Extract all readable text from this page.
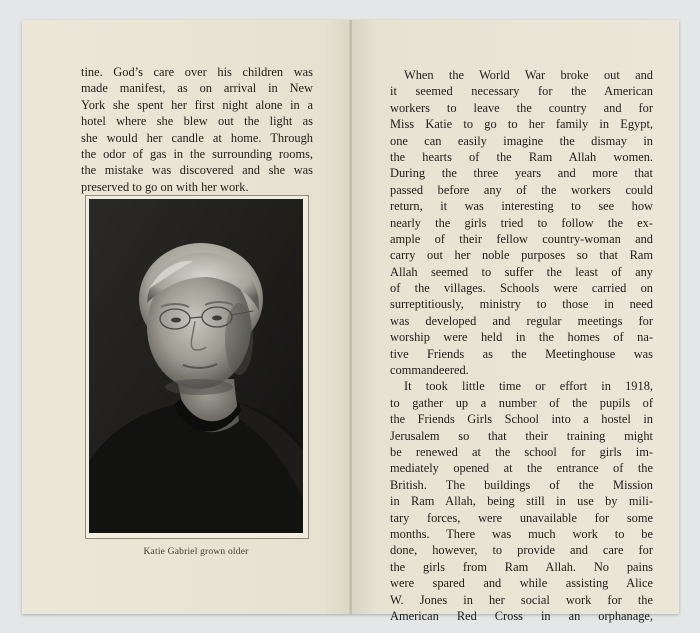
tine. God’s care over his children was
made manifest, as on arrival in New
York she spent her first night alone in a
hotel where she blew out the light as
she would her candle at home. Through
the odor of gas in the surrounding rooms,
the mistake was discovered and she was
preserved to go on with her work.
Katie Gabriel grown older
When the World War broke out and
it seemed necessary for the American
workers to leave the country and for
Miss Katie to go to her family in Egypt,
one can easily imagine the dismay in
the hearts of the Ram Allah women.
During the three years and more that
passed before any of the workers could
return, it was interesting to see how
nearly the girls tried to follow the ex-
ample of their fellow country-woman and
carry out her noble purposes so that Ram
Allah seemed to suffer the least of any
of the villages. Schools were carried on
surreptitiously, ministry to those in need
was developed and regular meetings for
worship were held in the homes of na-
tive Friends as the Meetinghouse was
commandeered.
It took little time or effort in 1918,
to gather up a number of the pupils of
the Friends Girls School into a hostel in
Jerusalem so that their training might
be renewed at the school for girls im-
mediately opened at the entrance of the
British. The buildings of the Mission
in Ram Allah, being still in use by mili-
tary forces, were unavailable for some
months. There was much work to be
done, however, to provide and care for
the girls from Ram Allah. No pains
were spared and while assisting Alice
W. Jones in her social work for the
American Red Cross in an orphanage,
